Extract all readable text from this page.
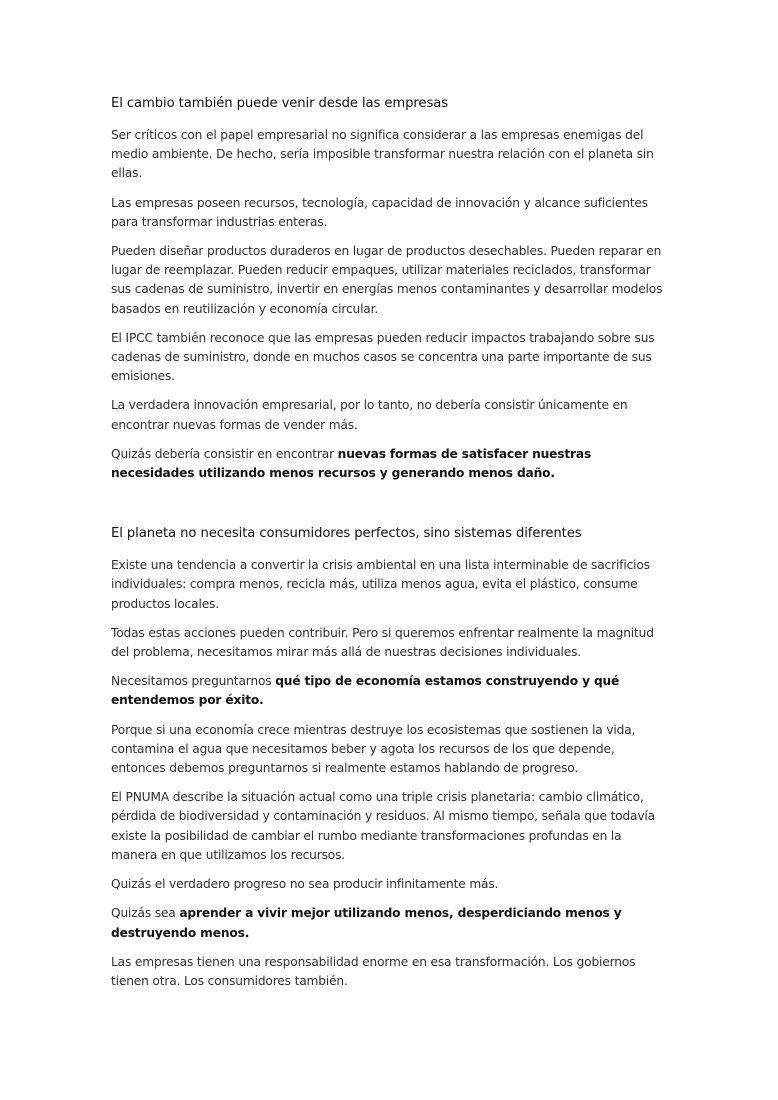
El cambio también puede venir desde las empresas

Ser críticos con el papel empresarial no significa considerar a las empresas enemigas del medio ambiente. De hecho, sería imposible transformar nuestra relación con el planeta sin ellas.

Las empresas poseen recursos, tecnología, capacidad de innovación y alcance suficientes para transformar industrias enteras.

Pueden diseñar productos duraderos en lugar de productos desechables. Pueden reparar en lugar de reemplazar. Pueden reducir empaques, utilizar materiales reciclados, transformar sus cadenas de suministro, invertir en energías menos contaminantes y desarrollar modelos basados en reutilización y economía circular.

El IPCC también reconoce que las empresas pueden reducir impactos trabajando sobre sus cadenas de suministro, donde en muchos casos se concentra una parte importante de sus emisiones.

La verdadera innovación empresarial, por lo tanto, no debería consistir únicamente en encontrar nuevas formas de vender más.

Quizás debería consistir en encontrar nuevas formas de satisfacer nuestras necesidades utilizando menos recursos y generando menos daño.

El planeta no necesita consumidores perfectos, sino sistemas diferentes

Existe una tendencia a convertir la crisis ambiental en una lista interminable de sacrificios individuales: compra menos, recicla más, utiliza menos agua, evita el plástico, consume productos locales.

Todas estas acciones pueden contribuir. Pero si queremos enfrentar realmente la magnitud del problema, necesitamos mirar más allá de nuestras decisiones individuales.

Necesitamos preguntarnos qué tipo de economía estamos construyendo y qué entendemos por éxito.

Porque si una economía crece mientras destruye los ecosistemas que sostienen la vida, contamina el agua que necesitamos beber y agota los recursos de los que depende, entonces debemos preguntarnos si realmente estamos hablando de progreso.

El PNUMA describe la situación actual como una triple crisis planetaria: cambio climático, pérdida de biodiversidad y contaminación y residuos. Al mismo tiempo, señala que todavía existe la posibilidad de cambiar el rumbo mediante transformaciones profundas en la manera en que utilizamos los recursos.

Quizás el verdadero progreso no sea producir infinitamente más.

Quizás sea aprender a vivir mejor utilizando menos, desperdiciando menos y destruyendo menos.

Las empresas tienen una responsabilidad enorme en esa transformación. Los gobiernos tienen otra. Los consumidores también.
